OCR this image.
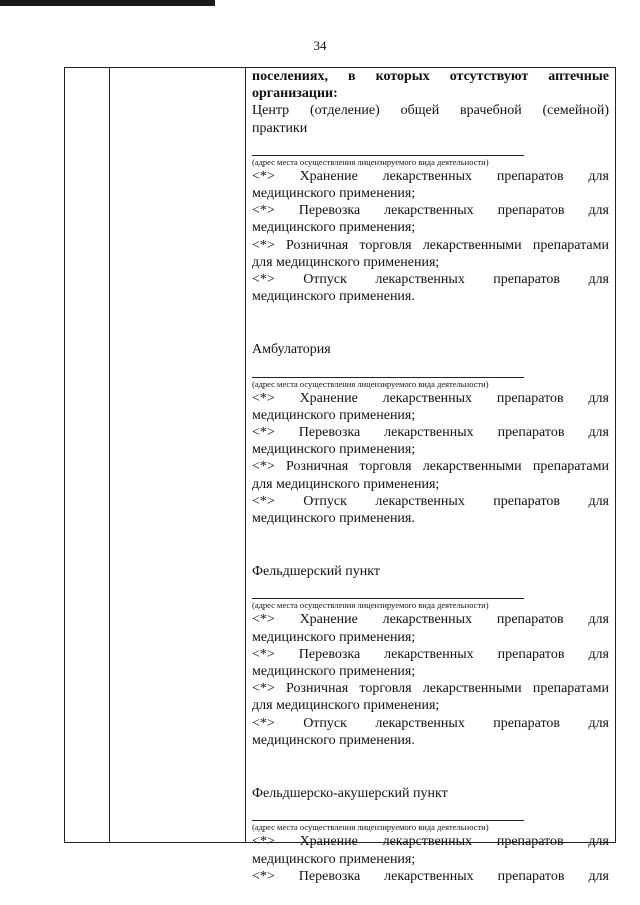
34

поселениях, в которых отсутствуют аптечные

организации:

Центр (отделение) общей врачебной (семейной)

практики

(адрес места осуществления лицензируемого вида деятельности)

<*> Хранение лекарственных препаратов для

медицинского применения;

<*> Перевозка лекарственных препаратов для

медицинского применения;

<*> Розничная торговля лекарственными препаратами

для медицинского применения;

<*> Отпуск лекарственных препаратов для

медицинского применения.

Амбулатория

(адрес места осуществления лицензируемого вида деятельности)

<*> Хранение лекарственных препаратов для

медицинского применения;

<*> Перевозка лекарственных препаратов для

медицинского применения;

<*> Розничная торговля лекарственными препаратами

для медицинского применения;

<*> Отпуск лекарственных препаратов для

медицинского применения.

Фельдшерский пункт

(адрес места осуществления лицензируемого вида деятельности)

<*> Хранение лекарственных препаратов для

медицинского применения;

<*> Перевозка лекарственных препаратов для

медицинского применения;

<*> Розничная торговля лекарственными препаратами

для медицинского применения;

<*> Отпуск лекарственных препаратов для

медицинского применения.

Фельдшерско-акушерский пункт

(адрес места осуществления лицензируемого вида деятельности)

<*> Хранение лекарственных препаратов для

медицинского применения;

<*> Перевозка лекарственных препаратов для
